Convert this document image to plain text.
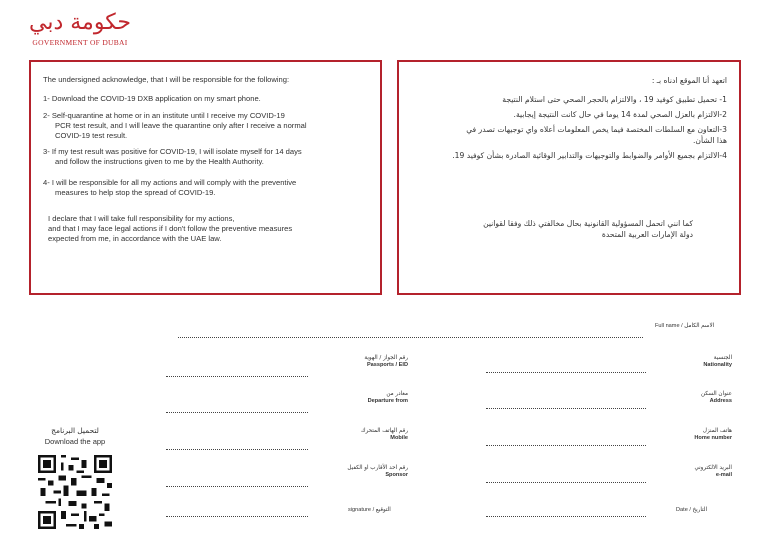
حكومة دبي
GOVERNMENT OF DUBAI
The undersigned acknowledge, that I will be responsible for the following:
1- Download the COVID-19 DXB application on my smart phone.
2- Self-quarantine at home or in an institute until I receive my COVID-19
PCR test result, and I will leave the quarantine only after I receive a normal
COVID-19 test result.
3- If my test result was positive for COVID-19, I will isolate myself for 14 days
and follow the instructions given to me by the Health Authority.
4- I will be responsible for all my actions and will comply with the preventive
measures to help stop the spread of COVID-19.
I declare that I will take full responsibility for my actions,
and that I may face legal actions if I don't follow the preventive measures
expected from me, in accordance with the UAE law.
اتعهد أنا الموقع ادناه بـ :
1- تحميل تطبيق كوفيد 19 ، والالتزام بالحجر الصحي حتى استلام النتيجة
2-الالتزام بالعزل الصحي لمدة 14 يوما في حال كانت النتيجة إيجابية.
3-التعاون مع السلطات المختصة فيما يخص المعلومات أعلاه واي توجيهات تصدر في
هذا الشأن.
4-الالتزام بجميع الأوامر والضوابط والتوجيهات والتدابير الوقائية الصادرة بشأن كوفيد 19.
كما انني اتحمل المسؤولية القانونية بحال مخالفتي ذلك وفقا لقوانين
دولة الإمارات العربية المتحدة
Full name / الاسم الكامل
الجنسية
Nationality
عنوان السكن
Address
هاتف المنزل
Home number
البريد الالكتروني
e-mail
Date / التاريخ
رقم الجواز / الهوية
Passports / EID
مغادر من
Departure from
رقم الهاتف المتحرك
Mobile
رقم احد الأقارب او الكفيل
Sponsor
signature / التوقيع
لتحميل البرنامج
Download the app
